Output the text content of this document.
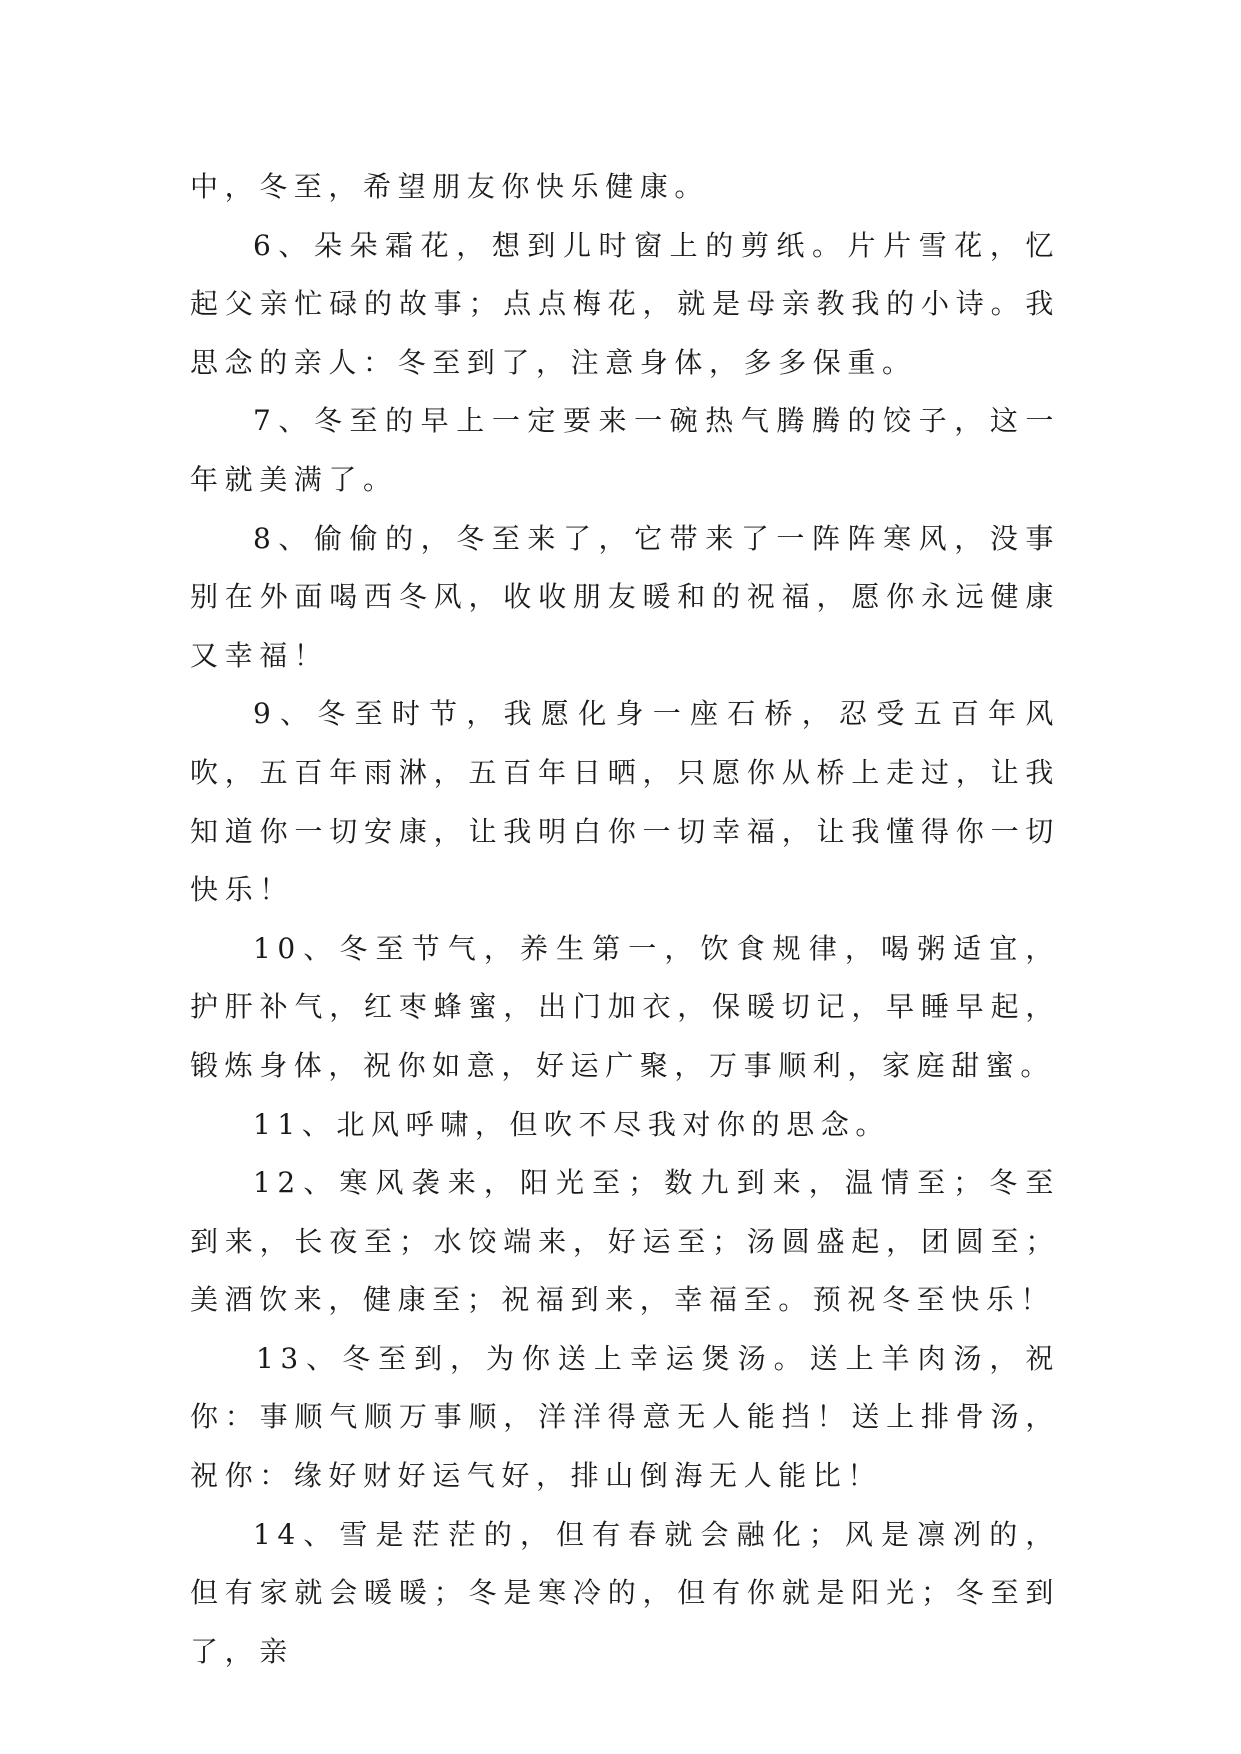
中，冬至，希望朋友你快乐健康。

6、朵朵霜花，想到儿时窗上的剪纸。片片雪花，忆起父亲忙碌的故事；点点梅花，就是母亲教我的小诗。我思念的亲人：冬至到了，注意身体，多多保重。

7、冬至的早上一定要来一碗热气腾腾的饺子，这一年就美满了。

8、偷偷的，冬至来了，它带来了一阵阵寒风，没事别在外面喝西冬风，收收朋友暖和的祝福，愿你永远健康又幸福！

9、冬至时节，我愿化身一座石桥，忍受五百年风吹，五百年雨淋，五百年日晒，只愿你从桥上走过，让我知道你一切安康，让我明白你一切幸福，让我懂得你一切快乐！

10、冬至节气，养生第一，饮食规律，喝粥适宜，护肝补气，红枣蜂蜜，出门加衣，保暖切记，早睡早起，锻炼身体，祝你如意，好运广聚，万事顺利，家庭甜蜜。

11、北风呼啸，但吹不尽我对你的思念。

12、寒风袭来，阳光至；数九到来，温情至；冬至到来，长夜至；水饺端来，好运至；汤圆盛起，团圆至；美酒饮来，健康至；祝福到来，幸福至。预祝冬至快乐！

13、冬至到，为你送上幸运煲汤。送上羊肉汤，祝你：事顺气顺万事顺，洋洋得意无人能挡！送上排骨汤，祝你：缘好财好运气好，排山倒海无人能比！

14、雪是茫茫的，但有春就会融化；风是凛冽的，但有家就会暖暖；冬是寒冷的，但有你就是阳光；冬至到了，亲
